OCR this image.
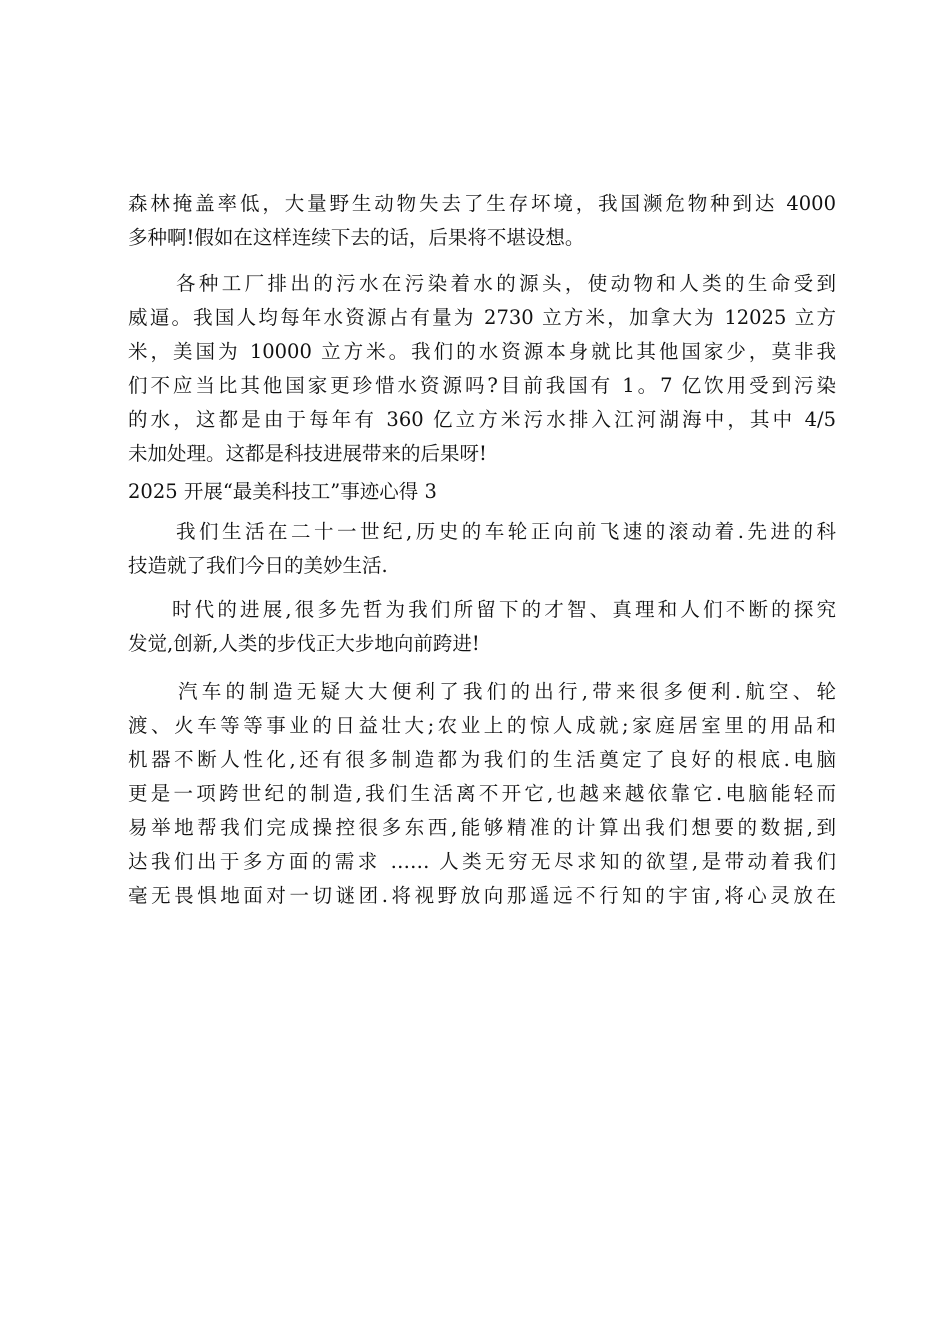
森林掩盖率低，大量野生动物失去了生存坏境，我国濒危物种到达 4000
多种啊!假如在这样连续下去的话，后果将不堪设想。
各种工厂排出的污水在污染着水的源头，使动物和人类的生命受到
威逼。我国人均每年水资源占有量为 2730 立方米，加拿大为 12025 立方
米，美国为 10000 立方米。我们的水资源本身就比其他国家少，莫非我
们不应当比其他国家更珍惜水资源吗?目前我国有 1。7 亿饮用受到污染
的水，这都是由于每年有 360 亿立方米污水排入江河湖海中，其中 4/5
未加处理。这都是科技进展带来的后果呀!
2025 开展“最美科技工”事迹心得 3
我们生活在二十一世纪,历史的车轮正向前飞速的滚动着.先进的科
技造就了我们今日的美妙生活.
时代的进展,很多先哲为我们所留下的才智、真理和人们不断的探究
发觉,创新,人类的步伐正大步地向前跨进!
汽车的制造无疑大大便利了我们的出行,带来很多便利.航空、轮
渡、火车等等事业的日益壮大;农业上的惊人成就;家庭居室里的用品和
机器不断人性化,还有很多制造都为我们的生活奠定了良好的根底.电脑
更是一项跨世纪的制造,我们生活离不开它,也越来越依靠它.电脑能轻而
易举地帮我们完成操控很多东西,能够精准的计算出我们想要的数据,到
达我们出于多方面的需求 …… 人类无穷无尽求知的欲望,是带动着我们
毫无畏惧地面对一切谜团.将视野放向那遥远不行知的宇宙,将心灵放在
